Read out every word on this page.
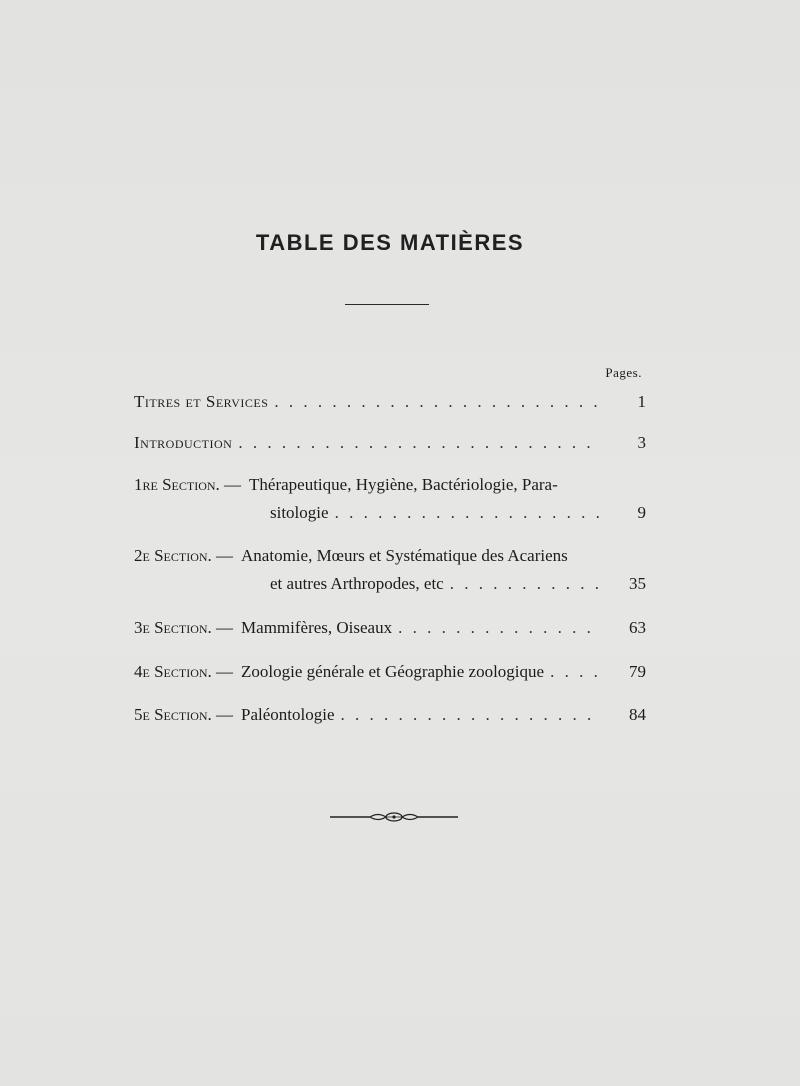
TABLE DES MATIÈRES
Pages.
Titres et Services . . .	1
Introduction . . .	3
1re Section. — Thérapeutique, Hygiène, Bactériologie, Para-
sitologie . . .	9
2e Section. — Anatomie, Mœurs et Systématique des Acariens
et autres Arthropodes, etc . . .	35
3e Section. — Mammifères, Oiseaux . . .	63
4e Section. — Zoologie générale et Géographie zoologique . . .	79
5e Section. — Paléontologie . . .	84
